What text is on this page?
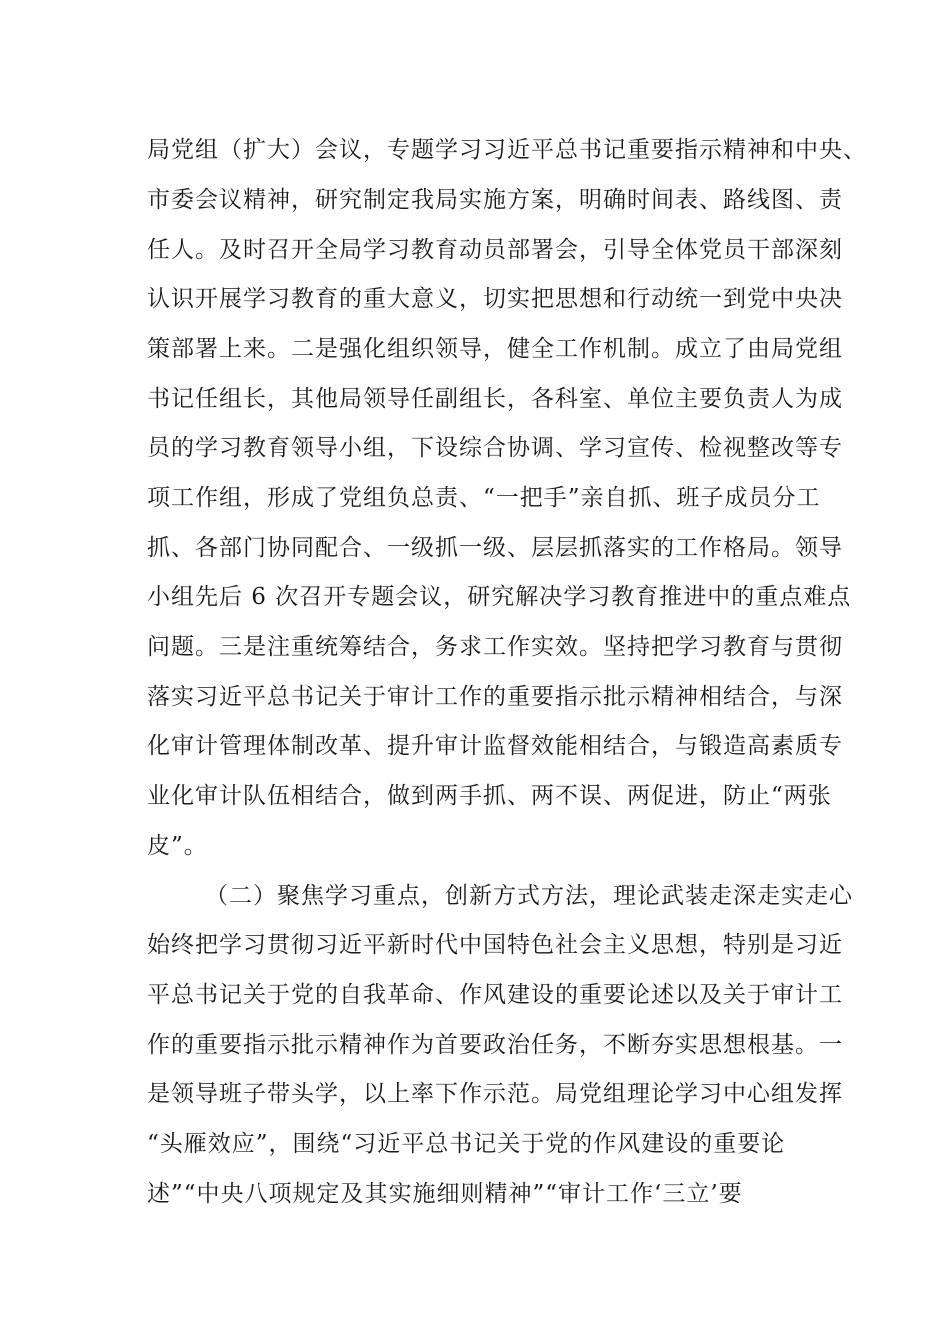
局党组（扩大）会议，专题学习习近平总书记重要指示精神和中央、
市委会议精神，研究制定我局实施方案，明确时间表、路线图、责
任人。及时召开全局学习教育动员部署会，引导全体党员干部深刻
认识开展学习教育的重大意义，切实把思想和行动统一到党中央决
策部署上来。二是强化组织领导，健全工作机制。成立了由局党组
书记任组长，其他局领导任副组长，各科室、单位主要负责人为成
员的学习教育领导小组，下设综合协调、学习宣传、检视整改等专
项工作组，形成了党组负总责、“一把手”亲自抓、班子成员分工
抓、各部门协同配合、一级抓一级、层层抓落实的工作格局。领导
小组先后 6 次召开专题会议，研究解决学习教育推进中的重点难点
问题。三是注重统筹结合，务求工作实效。坚持把学习教育与贯彻
落实习近平总书记关于审计工作的重要指示批示精神相结合，与深
化审计管理体制改革、提升审计监督效能相结合，与锻造高素质专
业化审计队伍相结合，做到两手抓、两不误、两促进，防止“两张
皮”。
（二）聚焦学习重点，创新方式方法，理论武装走深走实走心
始终把学习贯彻习近平新时代中国特色社会主义思想，特别是习近
平总书记关于党的自我革命、作风建设的重要论述以及关于审计工
作的重要指示批示精神作为首要政治任务，不断夯实思想根基。一
是领导班子带头学，以上率下作示范。局党组理论学习中心组发挥
“头雁效应”，围绕“习近平总书记关于党的作风建设的重要论
述”“中央八项规定及其实施细则精神”“审计工作‘三立’要
